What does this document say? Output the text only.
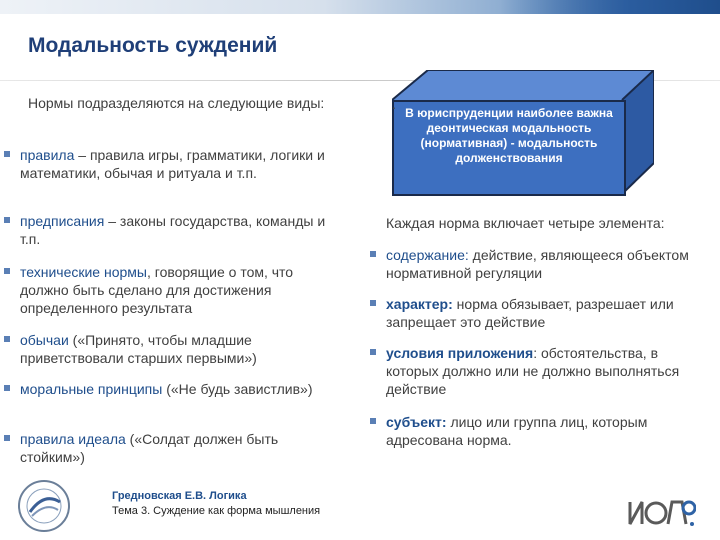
Модальность суждений
Нормы подразделяются на следующие виды:
правила – правила игры, грамматики, логики и математики, обычая и ритуала и т.п.
предписания – законы государства, команды и т.п.
технические нормы, говорящие о том, что должно быть сделано для достижения определенного результата
обычаи («Принято, чтобы младшие приветствовали старших первыми»)
моральные принципы («Не будь завистлив»)
правила идеала («Солдат должен быть стойким»)
.
В юриспруденции наиболее важна деонтическая модальность (нормативная) - модальность долженствования
Каждая норма включает четыре элемента:
содержание: действие, являющееся объектом нормативной регуляции
характер: норма обязывает, разрешает или запрещает это действие
условия приложения: обстоятельства, в которых должно или не должно выполняться действие
субъект: лицо или группа лиц, которым адресована норма.
Гредновская Е.В. Логика
Тема 3. Суждение как форма мышления
